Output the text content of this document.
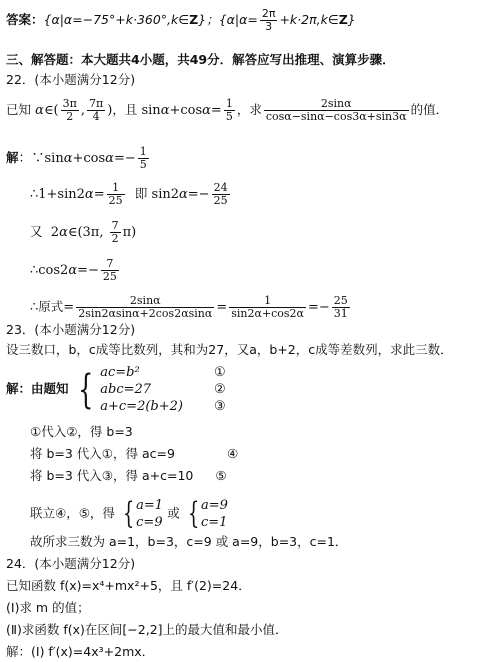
答案：{α|α=−75°+k·360°,k∈Z}；{$\alpha|\alpha= \frac{2\pi}{3}$ +k·2π,k∈Z}
三、解答题：本大题共4小题，共49分．解答应写出推理、演算步骤．
22．(本小题满分12分)
已知 α∈( $\frac{3\pi}{2}$ , $\frac{7\pi}{4}$ )，且 $\sin\alpha+\cos\alpha= \frac{1}{5}$ ，求 $\frac{2\sin\alpha}{\cos\alpha-\sin\alpha-\cos 3\alpha+\sin 3\alpha}$ 的值．
解：∵sinα+cosα=− $\frac{1}{5}$
∴1+sin2α= $\frac{1}{25}$ 即 $\sin 2\alpha=- \frac{24}{25}$
又  2α∈(3π, $\frac{7}{2} \pi$)
∴cos2α=− $\frac{7}{25}$
∴原式= $\frac{2\sin\alpha}{2\sin 2\alpha\sin\alpha+2\cos 2\alpha\sin\alpha} = \frac{1}{\sin 2\alpha+\cos 2\alpha} =- \frac{25}{31}$
23．(本小题满分12分)
设三数口，b，c成等比数列，其和为27，又a，b+2，c成等差数列，求此三数．
解：由题知 { ac=b²
abc=27
a+c=2(b+2)
①
②
③
①代入②，得 b=3
将 b=3 代入①，得 ac=9	④
将 b=3 代入③，得 a+c=10 ⑤
联立④，⑤，得 { a=1
c=9 或 { a=9
c=1
故所求三数为 a=1，b=3，c=9 或 a=9，b=3，c=1．
24．(本小题满分12分)
已知函数 f(x)=x⁴+mx²+5，且 f′(2)=24．
(Ⅰ)求 m 的值；
(Ⅱ)求函数 f(x)在区间[−2,2]上的最大值和最小值．
解：(Ⅰ) f′(x)=4x³+2mx．
